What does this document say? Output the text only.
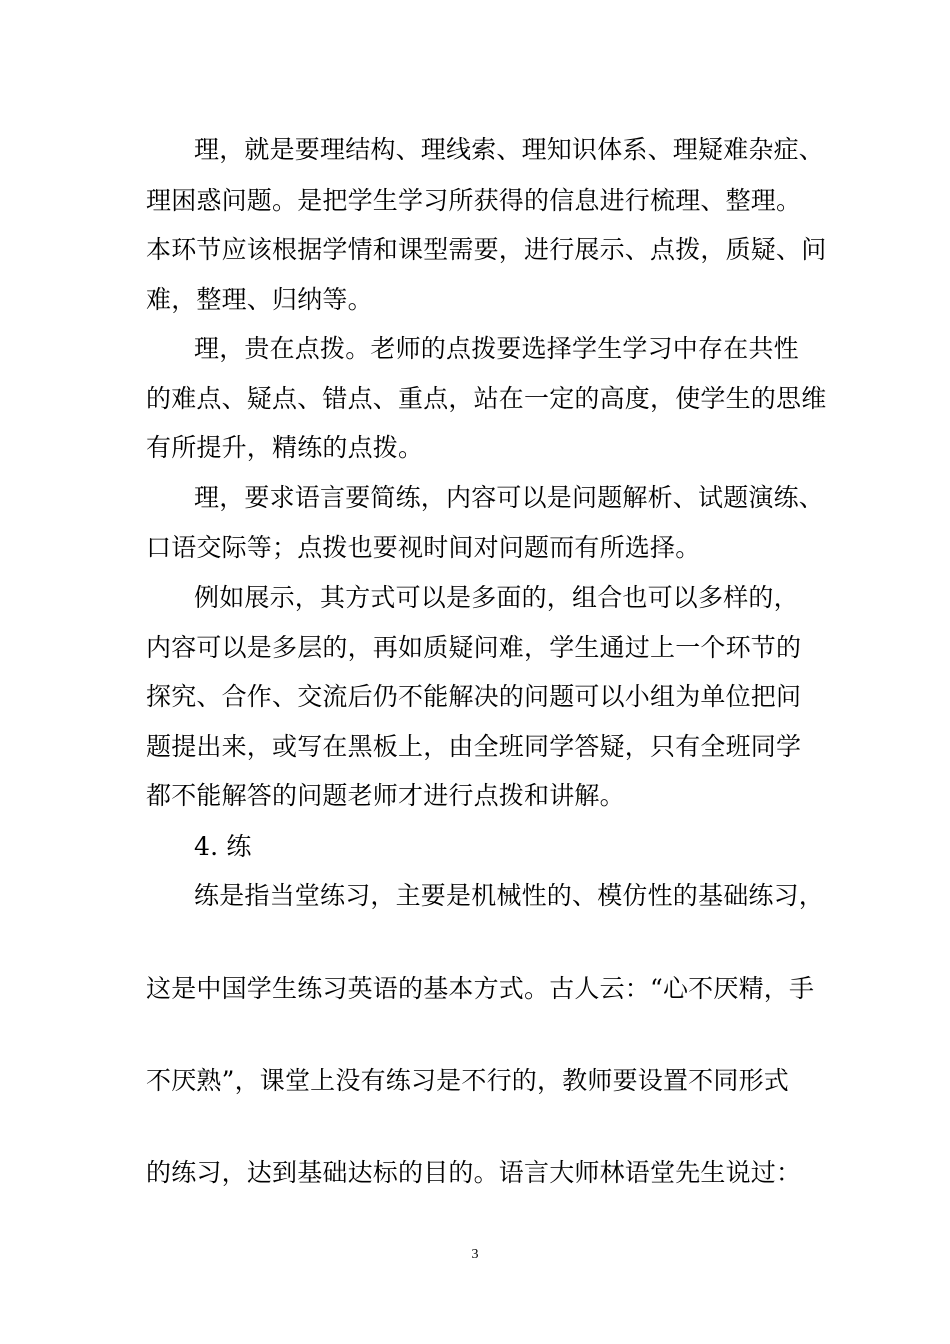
理，就是要理结构、理线索、理知识体系、理疑难杂症、
理困惑问题。是把学生学习所获得的信息进行梳理、整理。
本环节应该根据学情和课型需要，进行展示、点拨，质疑、问
难，整理、归纳等。
理，贵在点拨。老师的点拨要选择学生学习中存在共性
的难点、疑点、错点、重点，站在一定的高度，使学生的思维
有所提升，精练的点拨。
理，要求语言要简练，内容可以是问题解析、试题演练、
口语交际等；点拨也要视时间对问题而有所选择。
例如展示，其方式可以是多面的，组合也可以多样的，
内容可以是多层的，再如质疑问难，学生通过上一个环节的
探究、合作、交流后仍不能解决的问题可以小组为单位把问
题提出来，或写在黑板上，由全班同学答疑，只有全班同学
都不能解答的问题老师才进行点拨和讲解。
4. 练
练是指当堂练习，主要是机械性的、模仿性的基础练习，
这是中国学生练习英语的基本方式。古人云：“心不厌精，手
不厌熟”，课堂上没有练习是不行的，教师要设置不同形式
的练习，达到基础达标的目的。语言大师林语堂先生说过：
3
